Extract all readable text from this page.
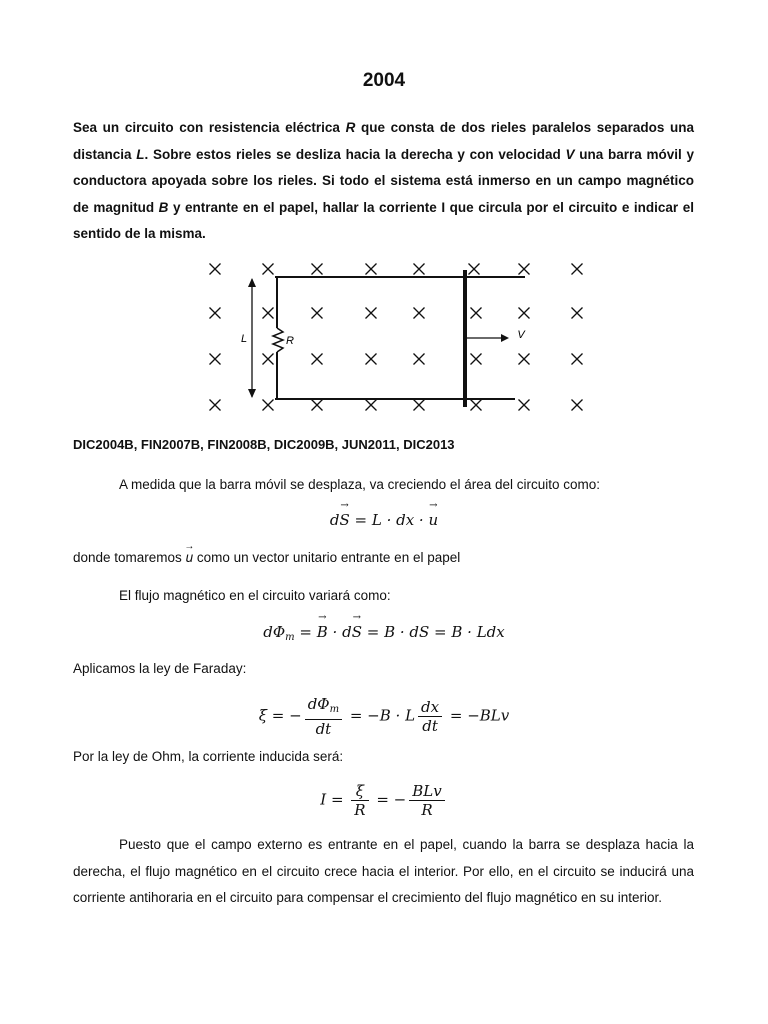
2004
Sea un circuito con resistencia eléctrica R que consta de dos rieles paralelos separados una distancia L. Sobre estos rieles se desliza hacia la derecha y con velocidad V una barra móvil y conductora apoyada sobre los rieles. Si todo el sistema está inmerso en un campo magnético de magnitud B y entrante en el papel, hallar la corriente I que circula por el circuito e indicar el sentido de la misma.
L	R	V
DIC2004B, FIN2007B, FIN2008B, DIC2009B, JUN2011, DIC2013
A medida que la barra móvil se desplaza, va creciendo el área del circuito como:
d→ S = L · dx · → u
donde tomaremos → u como un vector unitario entrante en el papel
El flujo magnético en el circuito variará como:
$d\Phi_m$ = → B · d→ S = B · dS = B · Ldx
Aplicamos la ley de Faraday:
ξ = − $\frac{d\Phi_m}{dt} = -B \cdot L \frac{dx}{dt} = -BLv$
Por la ley de Ohm, la corriente inducida será:
$I = \frac{\xi}{R}$ = − $\frac{\text{BLv}}{R}$
Puesto que el campo externo es entrante en el papel, cuando la barra se desplaza hacia la derecha, el flujo magnético en el circuito crece hacia el interior. Por ello, en el circuito se inducirá una corriente antihoraria en el circuito para compensar el crecimiento del flujo magnético en su interior.
